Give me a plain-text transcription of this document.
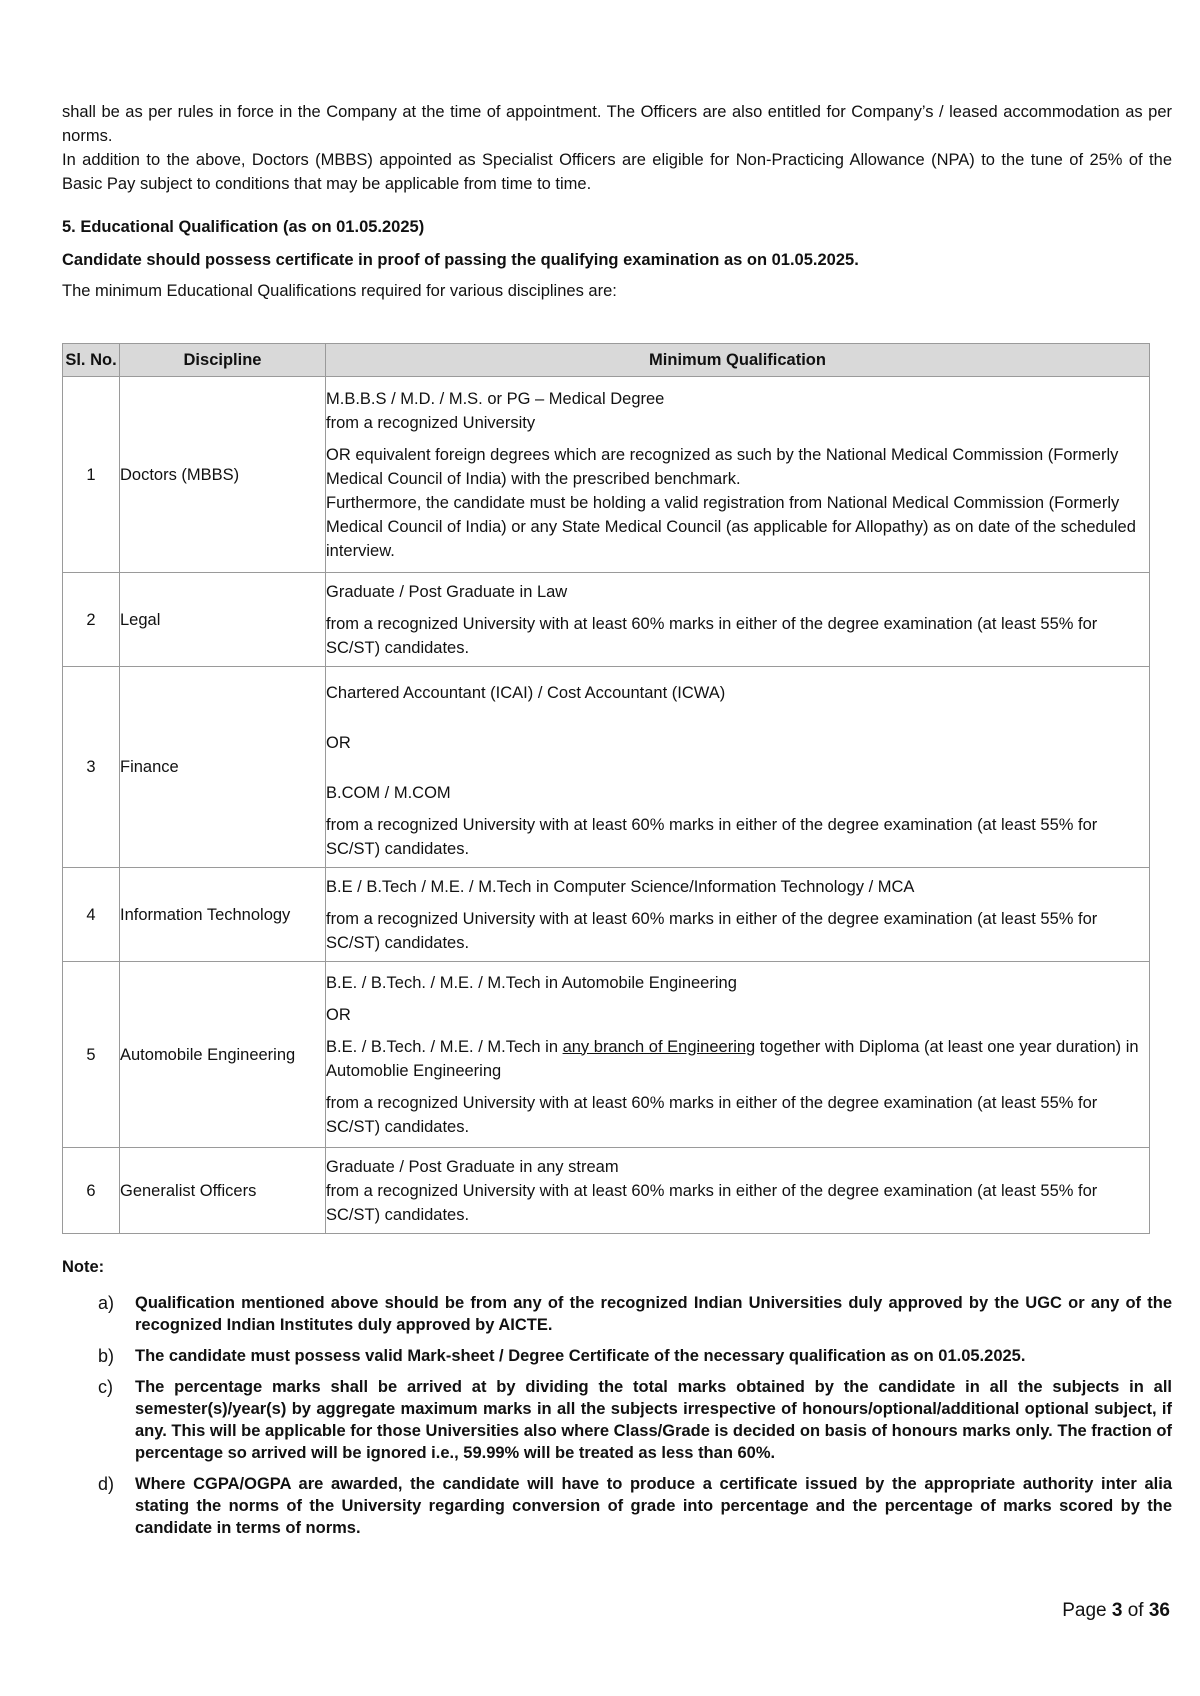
shall be as per rules in force in the Company at the time of appointment. The Officers are also entitled for Company’s / leased accommodation as per norms.

In addition to the above, Doctors (MBBS) appointed as Specialist Officers are eligible for Non-Practicing Allowance (NPA) to the tune of 25% of the Basic Pay subject to conditions that may be applicable from time to time.

5. Educational Qualification (as on 01.05.2025)

Candidate should possess certificate in proof of passing the qualifying examination as on 01.05.2025.

The minimum Educational Qualifications required for various disciplines are:

Sl. No.	Discipline	Minimum Qualification
1	Doctors (MBBS)	M.B.B.S / M.D. / M.S. or PG – Medical Degree
from a recognized University
OR equivalent foreign degrees which are recognized as such by the National Medical Commission (Formerly Medical Council of India) with the prescribed benchmark.
Furthermore, the candidate must be holding a valid registration from National Medical Commission (Formerly Medical Council of India) or any State Medical Council (as applicable for Allopathy) as on date of the scheduled interview.

2	Legal	Graduate / Post Graduate in Law
from a recognized University with at least 60% marks in either of the degree examination (at least 55% for SC/ST) candidates.

3	Finance	Chartered Accountant (ICAI) / Cost Accountant (ICWA)
OR
B.COM / M.COM
from a recognized University with at least 60% marks in either of the degree examination (at least 55% for SC/ST) candidates.

4	Information Technology	B.E / B.Tech / M.E. / M.Tech in Computer Science/Information Technology / MCA
from a recognized University with at least 60% marks in either of the degree examination (at least 55% for SC/ST) candidates.

5	Automobile Engineering	B.E. / B.Tech. / M.E. / M.Tech in Automobile Engineering
OR
B.E. / B.Tech. / M.E. / M.Tech in any branch of Engineering together with Diploma (at least one year duration) in Automoblie Engineering
from a recognized University with at least 60% marks in either of the degree examination (at least 55% for SC/ST) candidates.

6	Generalist Officers	Graduate / Post Graduate in any stream
from a recognized University with at least 60% marks in either of the degree examination (at least 55% for SC/ST) candidates.
Note:
a) Qualification mentioned above should be from any of the recognized Indian Universities duly approved by the UGC or any of the recognized Indian Institutes duly approved by AICTE.
b) The candidate must possess valid Mark-sheet / Degree Certificate of the necessary qualification as on 01.05.2025.
c) The percentage marks shall be arrived at by dividing the total marks obtained by the candidate in all the subjects in all semester(s)/year(s) by aggregate maximum marks in all the subjects irrespective of honours/optional/additional optional subject, if any. This will be applicable for those Universities also where Class/Grade is decided on basis of honours marks only. The fraction of percentage so arrived will be ignored i.e., 59.99% will be treated as less than 60%.
d) Where CGPA/OGPA are awarded, the candidate will have to produce a certificate issued by the appropriate authority inter alia stating the norms of the University regarding conversion of grade into percentage and the percentage of marks scored by the candidate in terms of norms.
Page 3 of 36
